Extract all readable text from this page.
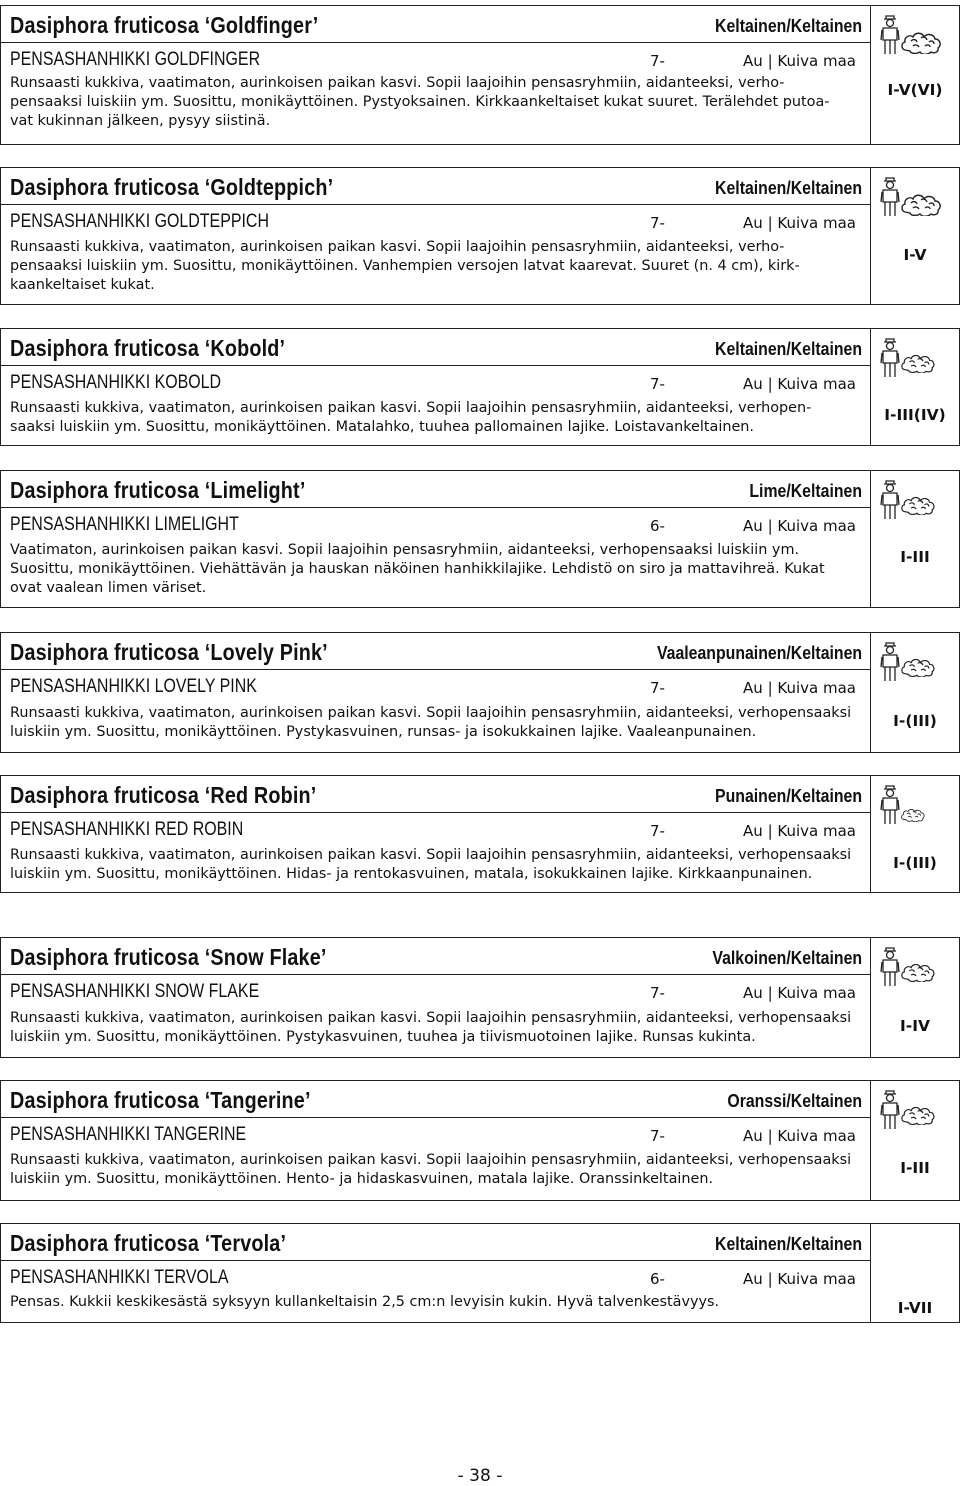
Dasiphora fruticosa ‘Goldfinger’	Keltainen/Keltainen
PENSASHANHIKKI GOLDFINGER	7-	Au | Kuiva maa
Runsaasti kukkiva, vaatimaton, aurinkoisen paikan kasvi. Sopii laajoihin pensasryhmiin, aidanteeksi, verho-
pensaaksi luiskiin ym. Suosittu, monikäyttöinen. Pystyoksainen. Kirkkaankeltaiset kukat suuret. Terälehdet putoa-
vat kukinnan jälkeen, pysyy siistinä.
I-V(VI)
Dasiphora fruticosa ‘Goldteppich’	Keltainen/Keltainen
PENSASHANHIKKI GOLDTEPPICH	7-	Au | Kuiva maa
Runsaasti kukkiva, vaatimaton, aurinkoisen paikan kasvi. Sopii laajoihin pensasryhmiin, aidanteeksi, verho-
pensaaksi luiskiin ym. Suosittu, monikäyttöinen. Vanhempien versojen latvat kaarevat. Suuret (n. 4 cm), kirk-
kaankeltaiset kukat.
I-V
Dasiphora fruticosa ‘Kobold’	Keltainen/Keltainen
PENSASHANHIKKI KOBOLD	7-	Au | Kuiva maa
Runsaasti kukkiva, vaatimaton, aurinkoisen paikan kasvi. Sopii laajoihin pensasryhmiin, aidanteeksi, verhopen-
saaksi luiskiin ym. Suosittu, monikäyttöinen. Matalahko, tuuhea pallomainen lajike. Loistavankeltainen.
I-III(IV)
Dasiphora fruticosa ‘Limelight’	Lime/Keltainen
PENSASHANHIKKI LIMELIGHT	6-	Au | Kuiva maa
Vaatimaton, aurinkoisen paikan kasvi. Sopii laajoihin pensasryhmiin, aidanteeksi, verhopensaaksi luiskiin ym.
Suosittu, monikäyttöinen. Viehättävän ja hauskan näköinen hanhikkilajike. Lehdistö on siro ja mattavihreä. Kukat
ovat vaalean limen väriset.
I-III
Dasiphora fruticosa ‘Lovely Pink’	Vaaleanpunainen/Keltainen
PENSASHANHIKKI LOVELY PINK	7-	Au | Kuiva maa
Runsaasti kukkiva, vaatimaton, aurinkoisen paikan kasvi. Sopii laajoihin pensasryhmiin, aidanteeksi, verhopensaaksi
luiskiin ym. Suosittu, monikäyttöinen. Pystykasvuinen, runsas- ja isokukkainen lajike. Vaaleanpunainen.
I-(III)
Dasiphora fruticosa ‘Red Robin’	Punainen/Keltainen
PENSASHANHIKKI RED ROBIN	7-	Au | Kuiva maa
Runsaasti kukkiva, vaatimaton, aurinkoisen paikan kasvi. Sopii laajoihin pensasryhmiin, aidanteeksi, verhopensaaksi
luiskiin ym. Suosittu, monikäyttöinen. Hidas- ja rentokasvuinen, matala, isokukkainen lajike. Kirkkaanpunainen.
I-(III)
Dasiphora fruticosa ‘Snow Flake’	Valkoinen/Keltainen
PENSASHANHIKKI SNOW FLAKE	7-	Au | Kuiva maa
Runsaasti kukkiva, vaatimaton, aurinkoisen paikan kasvi. Sopii laajoihin pensasryhmiin, aidanteeksi, verhopensaaksi
luiskiin ym. Suosittu, monikäyttöinen. Pystykasvuinen, tuuhea ja tiivismuotoinen lajike. Runsas kukinta.
I-IV
Dasiphora fruticosa ‘Tangerine’	Oranssi/Keltainen
PENSASHANHIKKI TANGERINE	7-	Au | Kuiva maa
Runsaasti kukkiva, vaatimaton, aurinkoisen paikan kasvi. Sopii laajoihin pensasryhmiin, aidanteeksi, verhopensaaksi
luiskiin ym. Suosittu, monikäyttöinen. Hento- ja hidaskasvuinen, matala lajike. Oranssinkeltainen.
I-III
Dasiphora fruticosa ‘Tervola’	Keltainen/Keltainen
PENSASHANHIKKI TERVOLA	6-	Au | Kuiva maa
Pensas. Kukkii keskikesästä syksyyn kullankeltaisin 2,5 cm:n levyisin kukin. Hyvä talvenkestävyys.	I-VII
- 38 -
